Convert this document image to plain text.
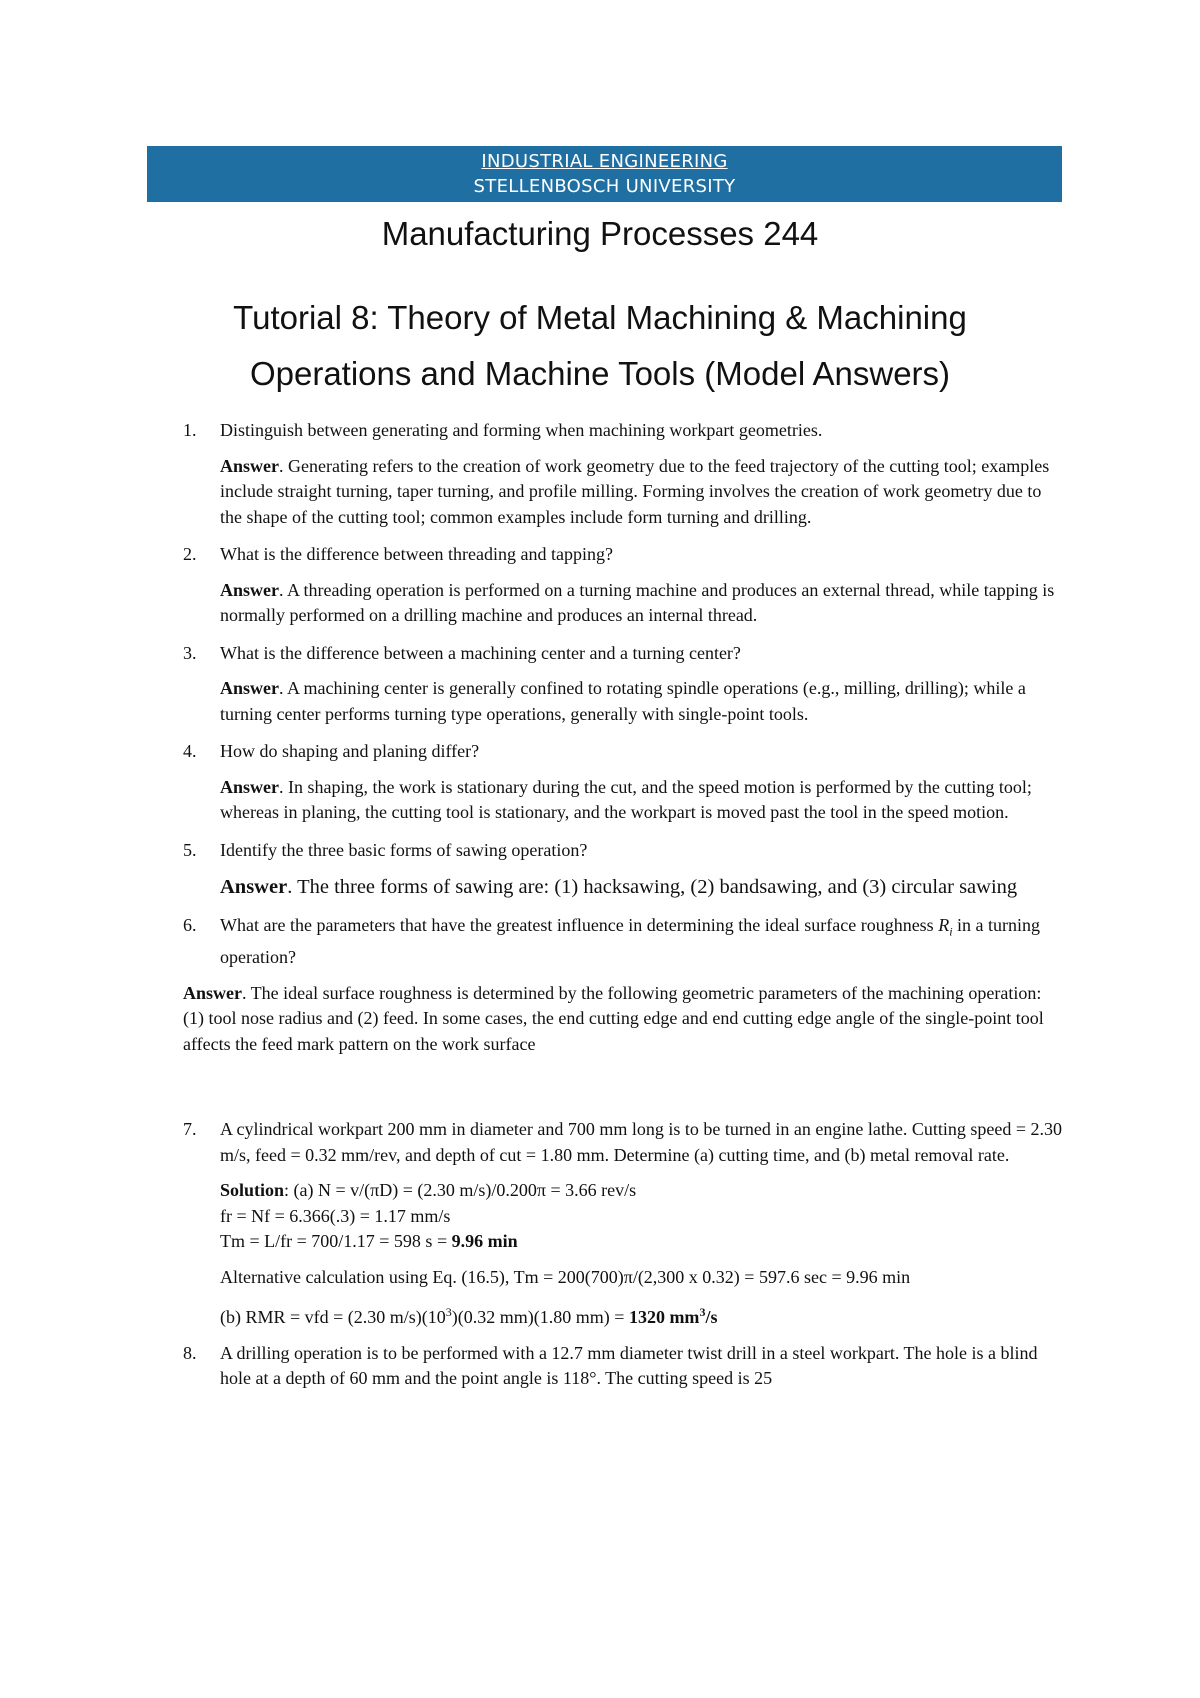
INDUSTRIAL ENGINEERING
STELLENBOSCH UNIVERSITY
Manufacturing Processes 244
Tutorial 8: Theory of Metal Machining & Machining
Operations and Machine Tools (Model Answers)

1. Distinguish between generating and forming when machining workpart geometries.

Answer. Generating refers to the creation of work geometry due to the feed trajectory of the cutting tool; examples include straight turning, taper turning, and profile milling. Forming involves the creation of work geometry due to the shape of the cutting tool; common examples include form turning and drilling.

2. What is the difference between threading and tapping?

Answer. A threading operation is performed on a turning machine and produces an external thread, while tapping is normally performed on a drilling machine and produces an internal thread.

3. What is the difference between a machining center and a turning center?

Answer. A machining center is generally confined to rotating spindle operations (e.g., milling, drilling); while a turning center performs turning type operations, generally with single-point tools.

4. How do shaping and planing differ?

Answer. In shaping, the work is stationary during the cut, and the speed motion is performed by the cutting tool; whereas in planing, the cutting tool is stationary, and the workpart is moved past the tool in the speed motion.

5. Identify the three basic forms of sawing operation?

Answer. The three forms of sawing are: (1) hacksawing, (2) bandsawing, and (3) circular sawing

6. What are the parameters that have the greatest influence in determining the ideal surface roughness $R_i$ in a turning operation?

Answer. The ideal surface roughness is determined by the following geometric parameters of the machining operation: (1) tool nose radius and (2) feed. In some cases, the end cutting edge and end cutting edge angle of the single-point tool affects the feed mark pattern on the work surface

7. A cylindrical workpart 200 mm in diameter and 700 mm long is to be turned in an engine lathe. Cutting speed = 2.30 m/s, feed = 0.32 mm/rev, and depth of cut = 1.80 mm. Determine (a) cutting time, and (b) metal removal rate.

Solution: (a) N = v/(πD) = (2.30 m/s)/0.200π = 3.66 rev/s
fr = Nf = 6.366(.3) = 1.17 mm/s
Tm = L/fr = 700/1.17 = 598 s = 9.96 min
Alternative calculation using Eq. (16.5), Tm = 200(700)π/(2,300 x 0.32) = 597.6 sec = 9.96 min
(b) RMR = vfd = (2.30 $m/s)(10^3)(0.32$ mm)(1.80 mm) = 1320 $mm^3/s$

8. A drilling operation is to be performed with a 12.7 mm diameter twist drill in a steel workpart. The hole is a blind hole at a depth of 60 mm and the point angle is 118°. The cutting speed is 25
